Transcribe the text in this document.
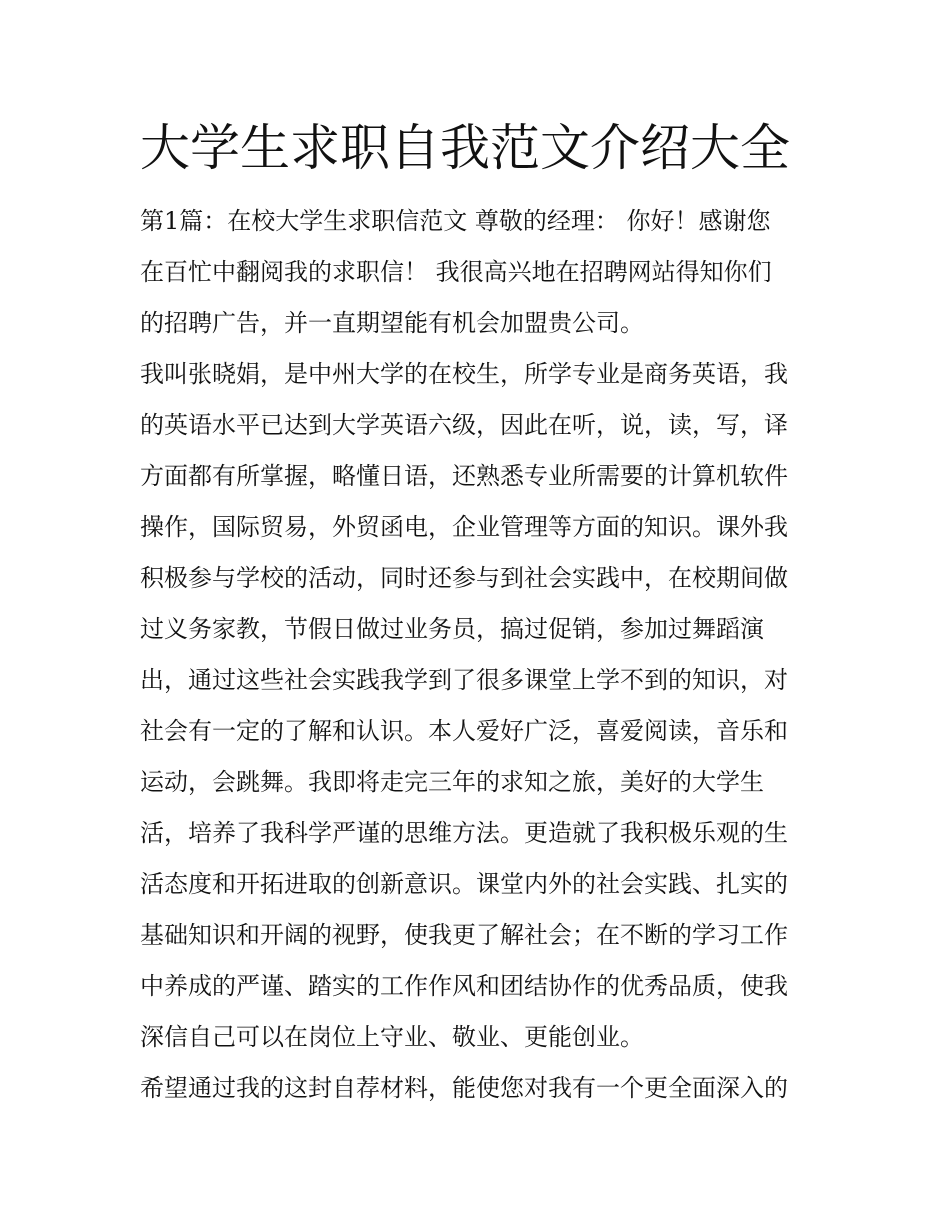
大学生求职自我范文介绍大全
第1篇：在校大学生求职信范文 尊敬的经理： 你好！感谢您
在百忙中翻阅我的求职信！ 我很高兴地在招聘网站得知你们
的招聘广告，并一直期望能有机会加盟贵公司。
我叫张晓娟，是中州大学的在校生，所学专业是商务英语，我
的英语水平已达到大学英语六级，因此在听，说，读，写，译
方面都有所掌握，略懂日语，还熟悉专业所需要的计算机软件
操作，国际贸易，外贸函电，企业管理等方面的知识。课外我
积极参与学校的活动，同时还参与到社会实践中，在校期间做
过义务家教，节假日做过业务员，搞过促销，参加过舞蹈演
出，通过这些社会实践我学到了很多课堂上学不到的知识，对
社会有一定的了解和认识。本人爱好广泛，喜爱阅读，音乐和
运动，会跳舞。我即将走完三年的求知之旅，美好的大学生
活，培养了我科学严谨的思维方法。更造就了我积极乐观的生
活态度和开拓进取的创新意识。课堂内外的社会实践、扎实的
基础知识和开阔的视野，使我更了解社会；在不断的学习工作
中养成的严谨、踏实的工作作风和团结协作的优秀品质，使我
深信自己可以在岗位上守业、敬业、更能创业。
希望通过我的这封自荐材料，能使您对我有一个更全面深入的
